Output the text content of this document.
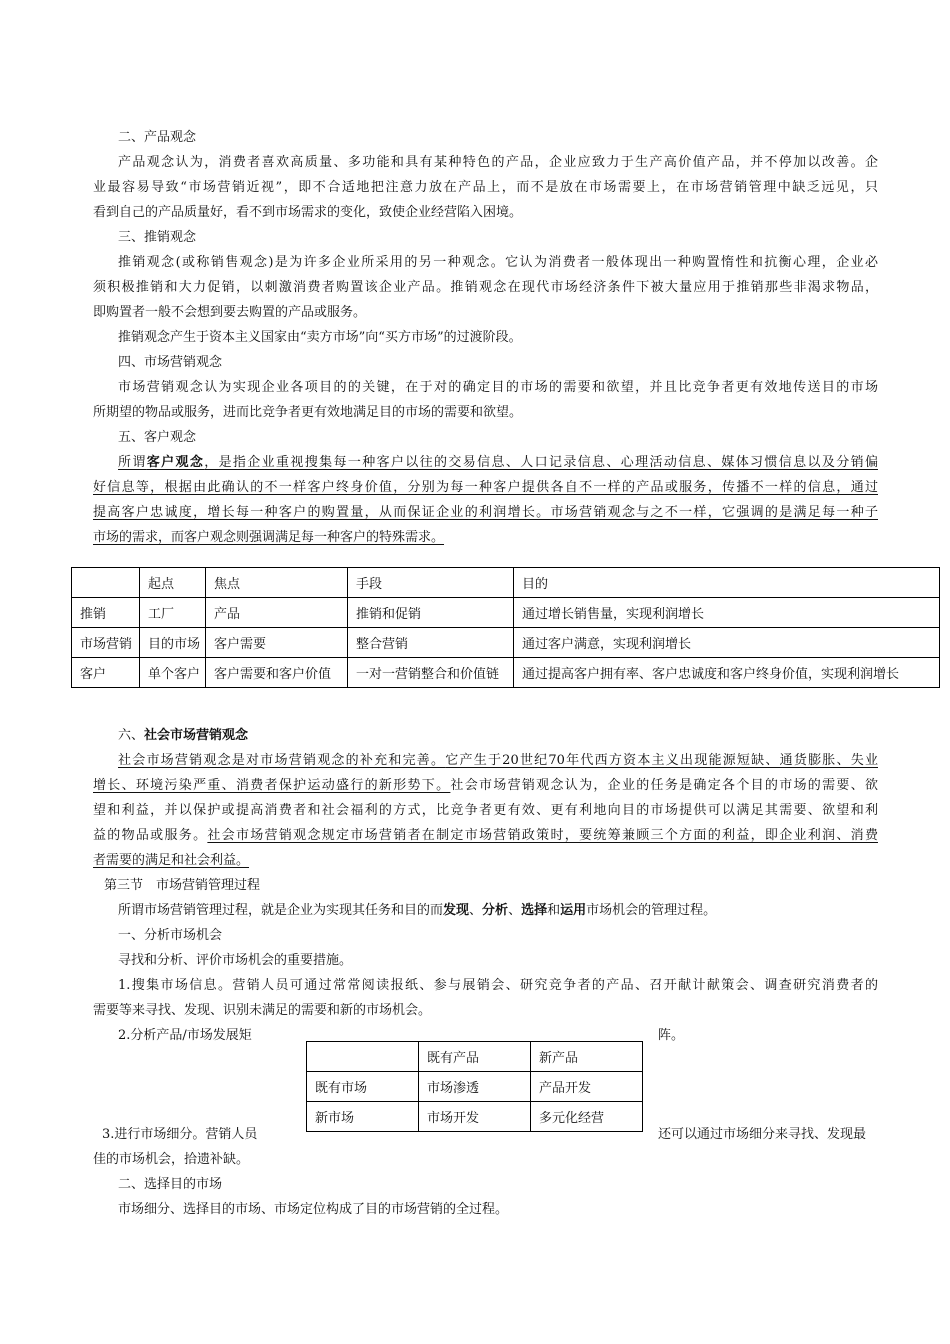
二、产品观念
产品观念认为，消费者喜欢高质量、多功能和具有某种特色的产品，企业应致力于生产高价值产品，并不停加以改善。企
业最容易导致“市场营销近视”，即不合适地把注意力放在产品上，而不是放在市场需要上，在市场营销管理中缺乏远见，只
看到自己的产品质量好，看不到市场需求的变化，致使企业经营陷入困境。
三、推销观念
推销观念(或称销售观念)是为许多企业所采用的另一种观念。它认为消费者一般体现出一种购置惰性和抗衡心理，企业必
须积极推销和大力促销，以刺激消费者购置该企业产品。推销观念在现代市场经济条件下被大量应用于推销那些非渴求物品，
即购置者一般不会想到要去购置的产品或服务。
推销观念产生于资本主义国家由“卖方市场”向“买方市场”的过渡阶段。
四、市场营销观念
市场营销观念认为实现企业各项目的的关键，在于对的确定目的市场的需要和欲望，并且比竞争者更有效地传送目的市场
所期望的物品或服务，进而比竞争者更有效地满足目的市场的需要和欲望。
五、客户观念
所谓客户观念，是指企业重视搜集每一种客户以往的交易信息、人口记录信息、心理活动信息、媒体习惯信息以及分销偏
好信息等，根据由此确认的不一样客户终身价值，分别为每一种客户提供各自不一样的产品或服务，传播不一样的信息，通过
提高客户忠诚度，增长每一种客户的购置量，从而保证企业的利润增长。市场营销观念与之不一样，它强调的是满足每一种子
市场的需求，而客户观念则强调满足每一种客户的特殊需求。
	起点	焦点	手段	目的
推销	工厂	产品	推销和促销	通过增长销售量，实现利润增长
市场营销	目的市场	客户需要	整合营销	通过客户满意，实现利润增长
客户	单个客户	客户需要和客户价值	一对一营销整合和价值链	通过提高客户拥有率、客户忠诚度和客户终身价值，实现利润增长
六、社会市场营销观念
社会市场营销观念是对市场营销观念的补充和完善。它产生于20世纪70年代西方资本主义出现能源短缺、通货膨胀、失业
增长、环境污染严重、消费者保护运动盛行的新形势下。社会市场营销观念认为，企业的任务是确定各个目的市场的需要、欲
望和利益，并以保护或提高消费者和社会福利的方式，比竞争者更有效、更有利地向目的市场提供可以满足其需要、欲望和利
益的物品或服务。社会市场营销观念规定市场营销者在制定市场营销政策时，要统筹兼顾三个方面的利益，即企业利润、消费
者需要的满足和社会利益。
第三节　市场营销管理过程
所谓市场营销管理过程，就是企业为实现其任务和目的而发现、分析、选择和运用市场机会的管理过程。
一、分析市场机会
寻找和分析、评价市场机会的重要措施。
1.搜集市场信息。营销人员可通过常常阅读报纸、参与展销会、研究竞争者的产品、召开献计献策会、调查研究消费者的
需要等来寻找、发现、识别未满足的需要和新的市场机会。
2.分析产品/市场发展矩	阵。
	既有产品	新产品
既有市场	市场渗透	产品开发
新市场	市场开发	多元化经营
3.进行市场细分。营销人员	还可以通过市场细分来寻找、发现最
佳的市场机会，拾遗补缺。
二、选择目的市场
市场细分、选择目的市场、市场定位构成了目的市场营销的全过程。
